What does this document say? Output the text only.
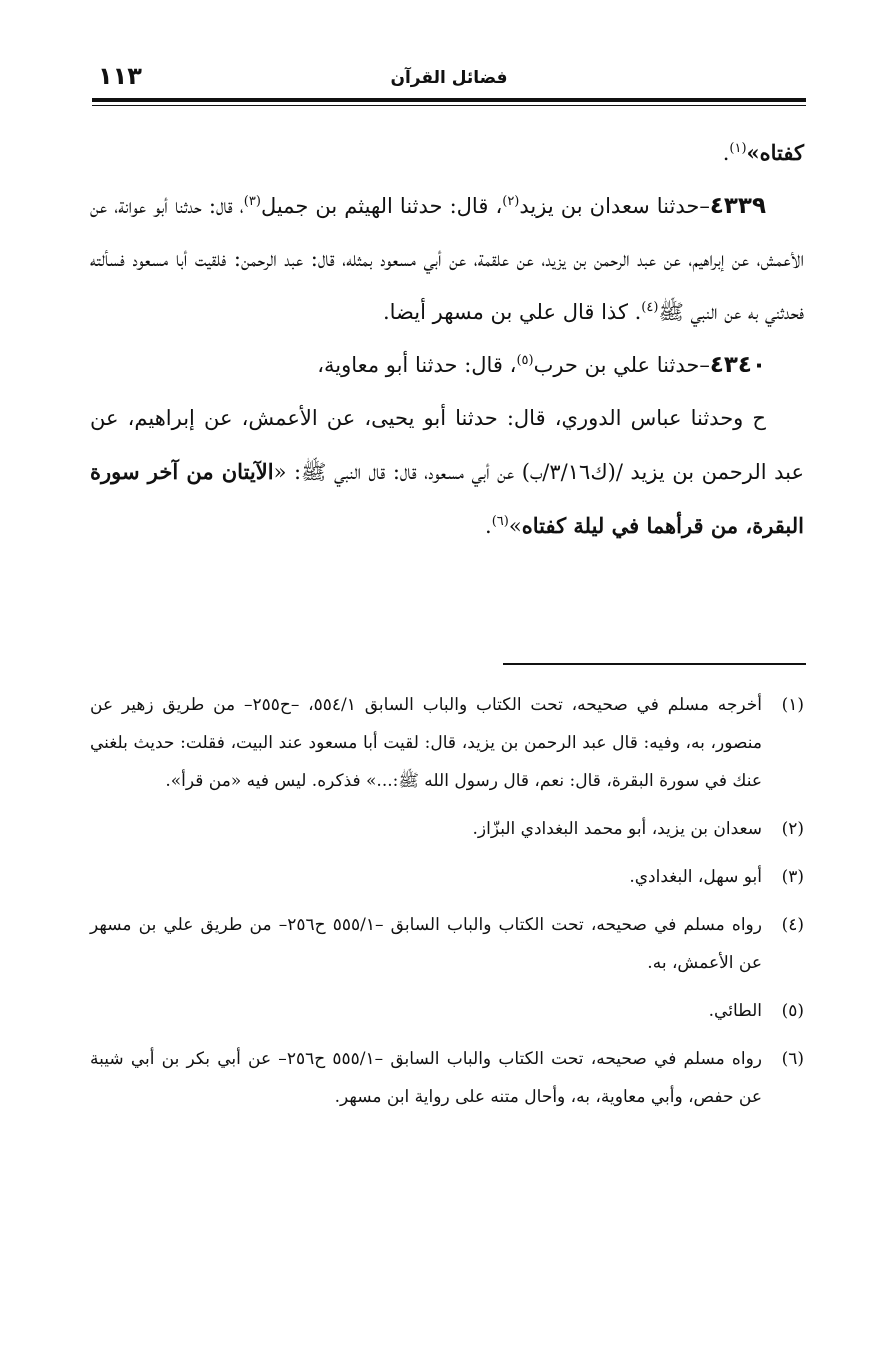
فضائل القرآن
١١٣

كفتاه»$^{(١)}$.

٤٣٣٩–حدثنا سعدان بن يزيد$^{(٢)}$، قال: حدثنا الهيثم بن جميل$^{(٣)}$، قال: حدثنا أبو عوانة، عن الأعمش، عن إبراهيم، عن عبد الرحمن بن يزيد، عن علقمة، عن أبي مسعود بمثله، قال: عبد الرحمن: فلقيت أبا مسعود فسألته فحدثني به عن النبي ﷺ$^{(٤)}$. كذا قال علي بن مسهر أيضا.

٤٣٤٠–حدثنا علي بن حرب$^{(٥)}$، قال: حدثنا أبو معاوية،

ح وحدثنا عباس الدوري، قال: حدثنا أبو يحيى، عن الأعمش، عن إبراهيم، عن عبد الرحمن بن يزيد /(ك٣/١٦/ب) عن أبي مسعود، قال: قال النبي ﷺ: «الآيتان من آخر سورة البقرة، من قرأهما في ليلة كفتاه»$^{(٦)}$.

(١)
أخرجه مسلم في صحيحه، تحت الكتاب والباب السابق ٥٥٤/١، –ح٢٥٥– من طريق زهير عن منصور، به، وفيه: قال عبد الرحمن بن يزيد، قال: لقيت أبا مسعود عند البيت، فقلت: حديث بلغني عنك في سورة البقرة، قال: نعم، قال رسول الله ﷺ:...» فذكره. ليس فيه «من قرأ».
(٢)
سعدان بن يزيد، أبو محمد البغدادي البزّاز.
(٣)
أبو سهل، البغدادي.
(٤)
رواه مسلم في صحيحه، تحت الكتاب والباب السابق –٥٥٥/١ ح٢٥٦– من طريق علي بن مسهر عن الأعمش، به.
(٥)
الطائي.
(٦)
رواه مسلم في صحيحه، تحت الكتاب والباب السابق –٥٥٥/١ ح٢٥٦– عن أبي بكر بن أبي شيبة عن حفص، وأبي معاوية، به، وأحال متنه على رواية ابن مسهر.
